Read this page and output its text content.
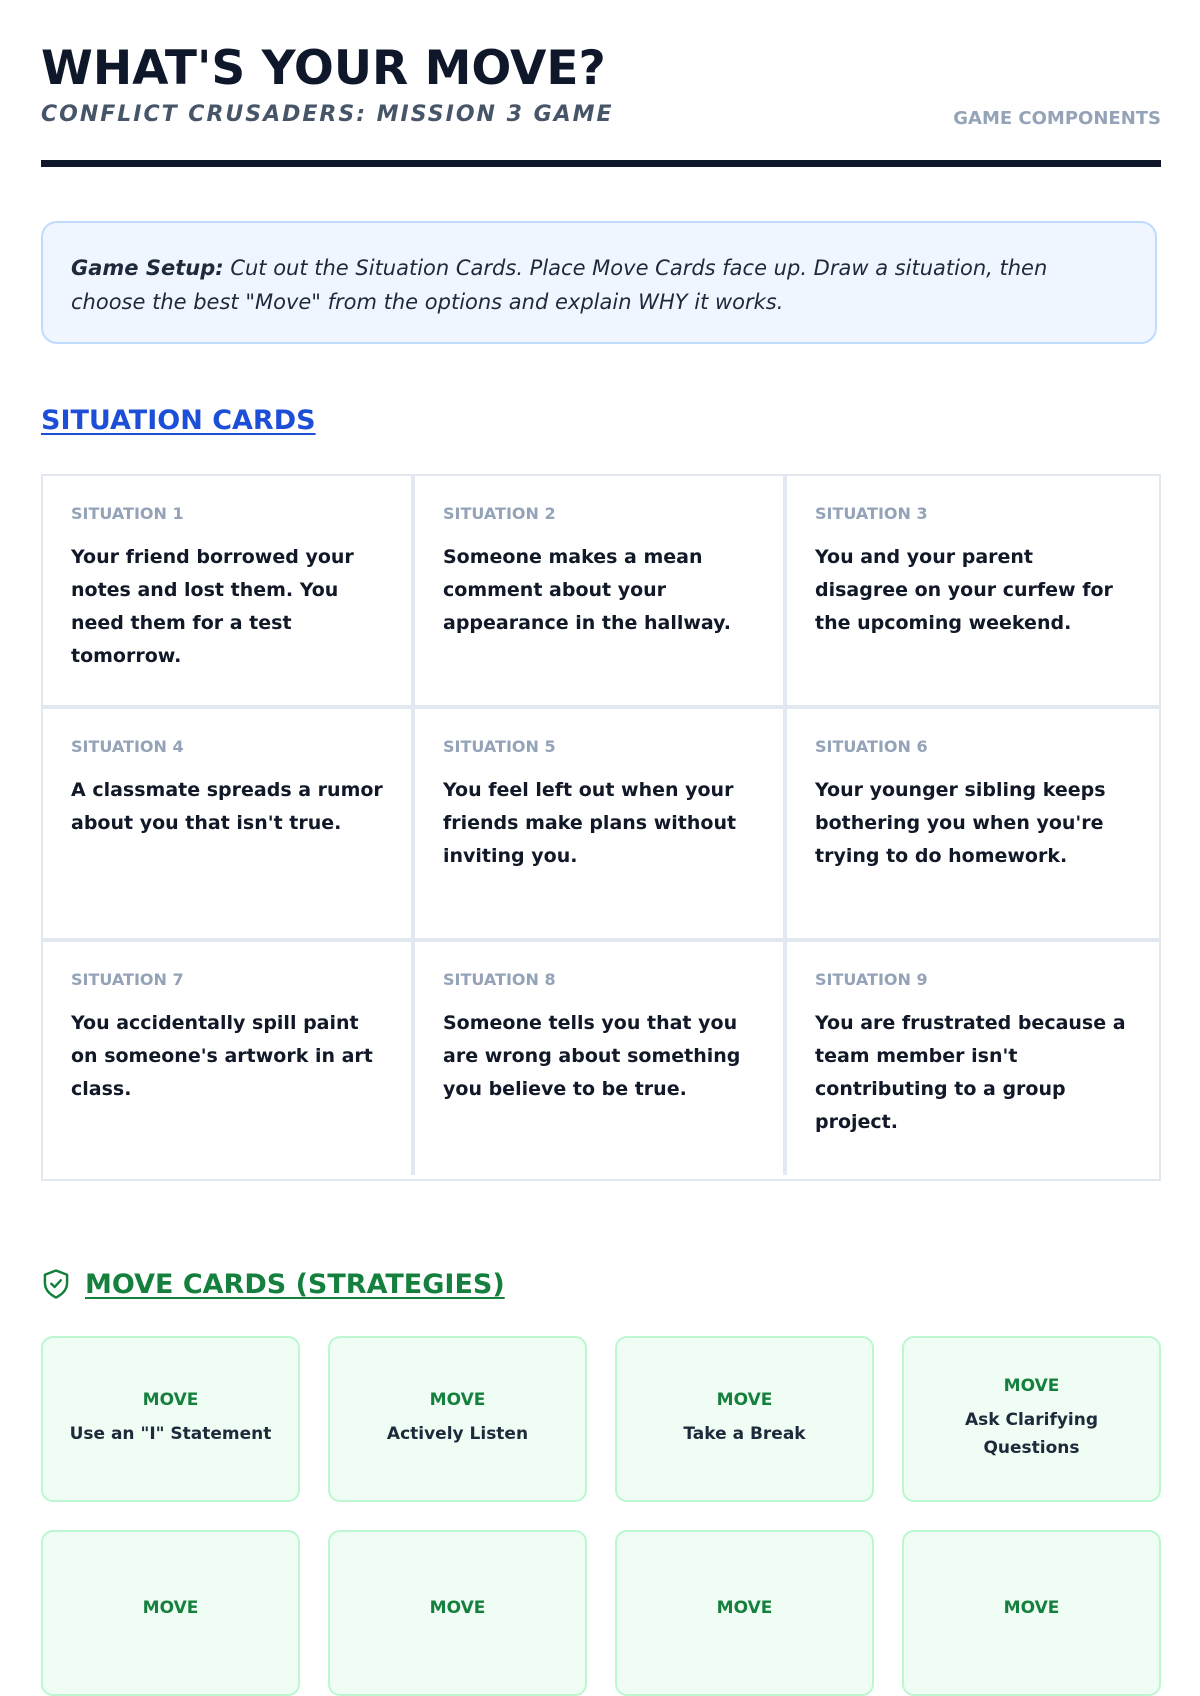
WHAT'S YOUR MOVE?
CONFLICT CRUSADERS: MISSION 3 GAME	GAME COMPONENTS
Game Setup: Cut out the Situation Cards. Place Move Cards face up. Draw a situation, then choose the best "Move" from the options and explain WHY it works.
SITUATION CARDS
SITUATION 1

Your friend borrowed your notes and lost them. You need them for a test tomorrow.

SITUATION 2

Someone makes a mean comment about your appearance in the hallway.

SITUATION 3

You and your parent disagree on your curfew for the upcoming weekend.

SITUATION 4

A classmate spreads a rumor about you that isn't true.

SITUATION 5

You feel left out when your friends make plans without inviting you.

SITUATION 6

Your younger sibling keeps bothering you when you're trying to do homework.

SITUATION 7

You accidentally spill paint on someone's artwork in art class.

SITUATION 8

Someone tells you that you are wrong about something you believe to be true.

SITUATION 9

You are frustrated because a team member isn't contributing to a group project.

MOVE CARDS (STRATEGIES)
MOVE
Use an "I" Statement
MOVE
Actively Listen
MOVE
Take a Break
MOVE
Ask Clarifying Questions
MOVE	MOVE	MOVE	MOVE
